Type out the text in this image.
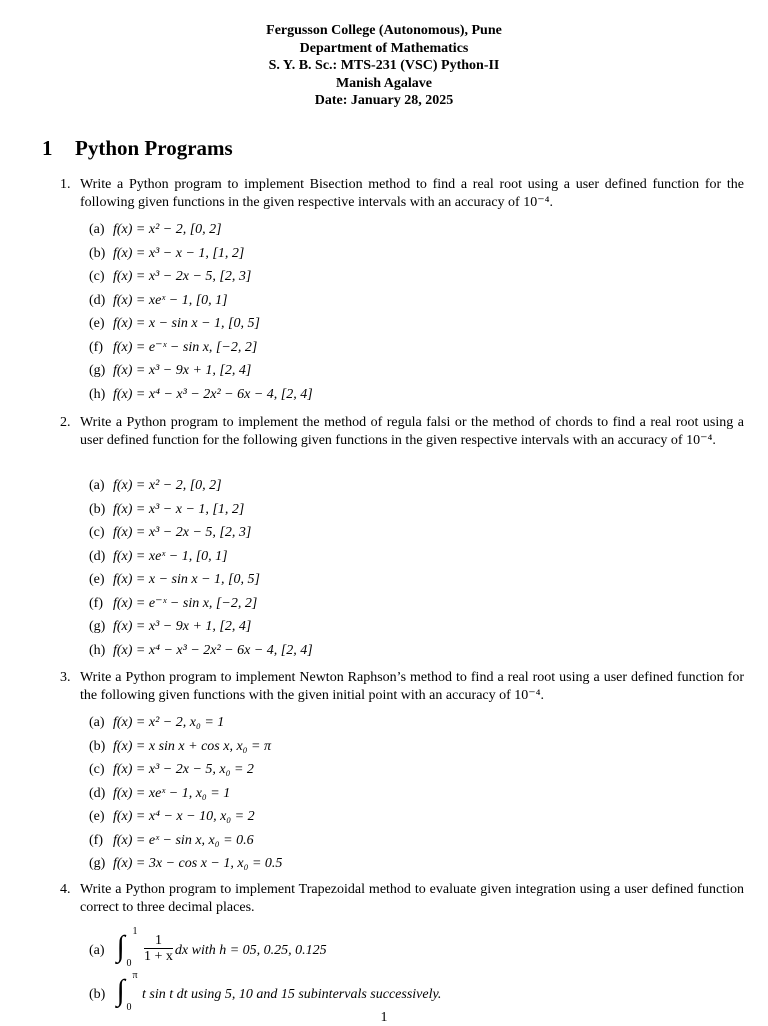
Fergusson College (Autonomous), Pune
Department of Mathematics
S. Y. B. Sc.: MTS-231 (VSC) Python-II
Manish Agalave
Date: January 28, 2025
1 Python Programs
1. Write a Python program to implement Bisection method to find a real root using a user defined function for the following given functions in the given respective intervals with an accuracy of 10⁻⁴.
(a) f(x) = x² − 2, [0, 2]
(b) f(x) = x³ − x − 1, [1, 2]
(c) f(x) = x³ − 2x − 5, [2, 3]
(d) f(x) = xeˣ − 1, [0, 1]
(e) f(x) = x − sin x − 1, [0, 5]
(f) f(x) = e⁻ˣ − sin x, [−2, 2]
(g) f(x) = x³ − 9x + 1, [2, 4]
(h) f(x) = x⁴ − x³ − 2x² − 6x − 4, [2, 4]
2. Write a Python program to implement the method of regula falsi or the method of chords to find a real root using a user defined function for the following given functions in the given respective intervals with an accuracy of 10⁻⁴.
(a) f(x) = x² − 2, [0, 2]
(b) f(x) = x³ − x − 1, [1, 2]
(c) f(x) = x³ − 2x − 5, [2, 3]
(d) f(x) = xeˣ − 1, [0, 1]
(e) f(x) = x − sin x − 1, [0, 5]
(f) f(x) = e⁻ˣ − sin x, [−2, 2]
(g) f(x) = x³ − 9x + 1, [2, 4]
(h) f(x) = x⁴ − x³ − 2x² − 6x − 4, [2, 4]
3. Write a Python program to implement Newton Raphson’s method to find a real root using a user defined function for the following given functions with the given initial point with an accuracy of 10⁻⁴.
(a) f(x) = x² − 2, x₀ = 1
(b) f(x) = x sin x + cos x, x₀ = π
(c) f(x) = x³ − 2x − 5, x₀ = 2
(d) f(x) = xeˣ − 1, x₀ = 1
(e) f(x) = x⁴ − x − 10, x₀ = 2
(f) f(x) = eˣ − sin x, x₀ = 0.6
(g) f(x) = 3x − cos x − 1, x₀ = 0.5
4. Write a Python program to implement Trapezoidal method to evaluate given integration using a user defined function correct to three decimal places.
(a) ∫ 1
0
$\frac{1}{1 + x}$ dx with h = 05, 0.25, 0.125
(b) ∫ π
0
t sin t dt using 5, 10 and 15 subintervals successively.
1
